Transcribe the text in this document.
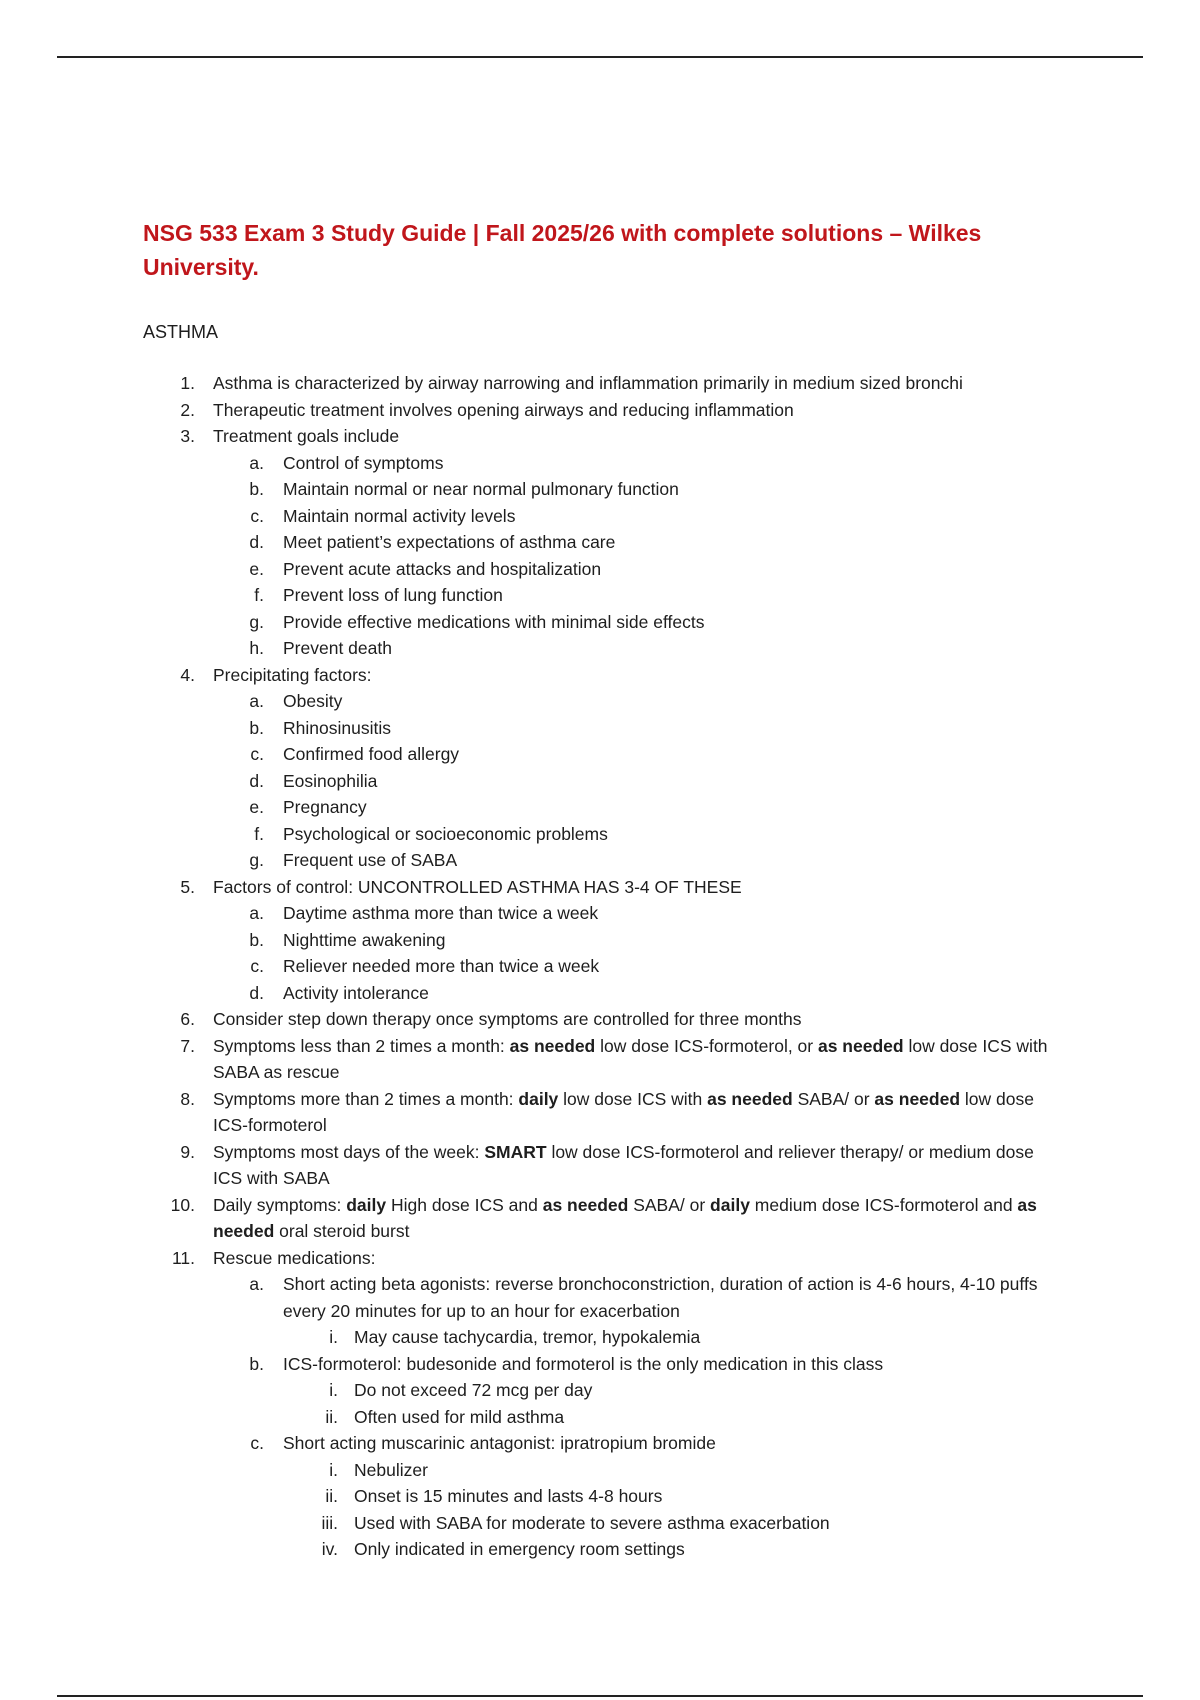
NSG 533 Exam 3 Study Guide | Fall 2025/26 with complete solutions – Wilkes University.
ASTHMA
1. Asthma is characterized by airway narrowing and inflammation primarily in medium sized bronchi
2. Therapeutic treatment involves opening airways and reducing inflammation
3. Treatment goals include
a. Control of symptoms
b. Maintain normal or near normal pulmonary function
c. Maintain normal activity levels
d. Meet patient’s expectations of asthma care
e. Prevent acute attacks and hospitalization
f. Prevent loss of lung function
g. Provide effective medications with minimal side effects
h. Prevent death
4. Precipitating factors:
a. Obesity
b. Rhinosinusitis
c. Confirmed food allergy
d. Eosinophilia
e. Pregnancy
f. Psychological or socioeconomic problems
g. Frequent use of SABA
5. Factors of control: UNCONTROLLED ASTHMA HAS 3-4 OF THESE
a. Daytime asthma more than twice a week
b. Nighttime awakening
c. Reliever needed more than twice a week
d. Activity intolerance
6. Consider step down therapy once symptoms are controlled for three months
7. Symptoms less than 2 times a month: as needed low dose ICS-formoterol, or as needed low dose ICS with SABA as rescue
8. Symptoms more than 2 times a month: daily low dose ICS with as needed SABA/ or as needed low dose ICS-formoterol
9. Symptoms most days of the week: SMART low dose ICS-formoterol and reliever therapy/ or medium dose ICS with SABA
10. Daily symptoms: daily High dose ICS and as needed SABA/ or daily medium dose ICS-formoterol and as needed oral steroid burst
11. Rescue medications:
a. Short acting beta agonists: reverse bronchoconstriction, duration of action is 4-6 hours, 4-10 puffs every 20 minutes for up to an hour for exacerbation
i. May cause tachycardia, tremor, hypokalemia
b. ICS-formoterol: budesonide and formoterol is the only medication in this class
i. Do not exceed 72 mcg per day
ii. Often used for mild asthma
c. Short acting muscarinic antagonist: ipratropium bromide
i. Nebulizer
ii. Onset is 15 minutes and lasts 4-8 hours
iii. Used with SABA for moderate to severe asthma exacerbation
iv. Only indicated in emergency room settings
